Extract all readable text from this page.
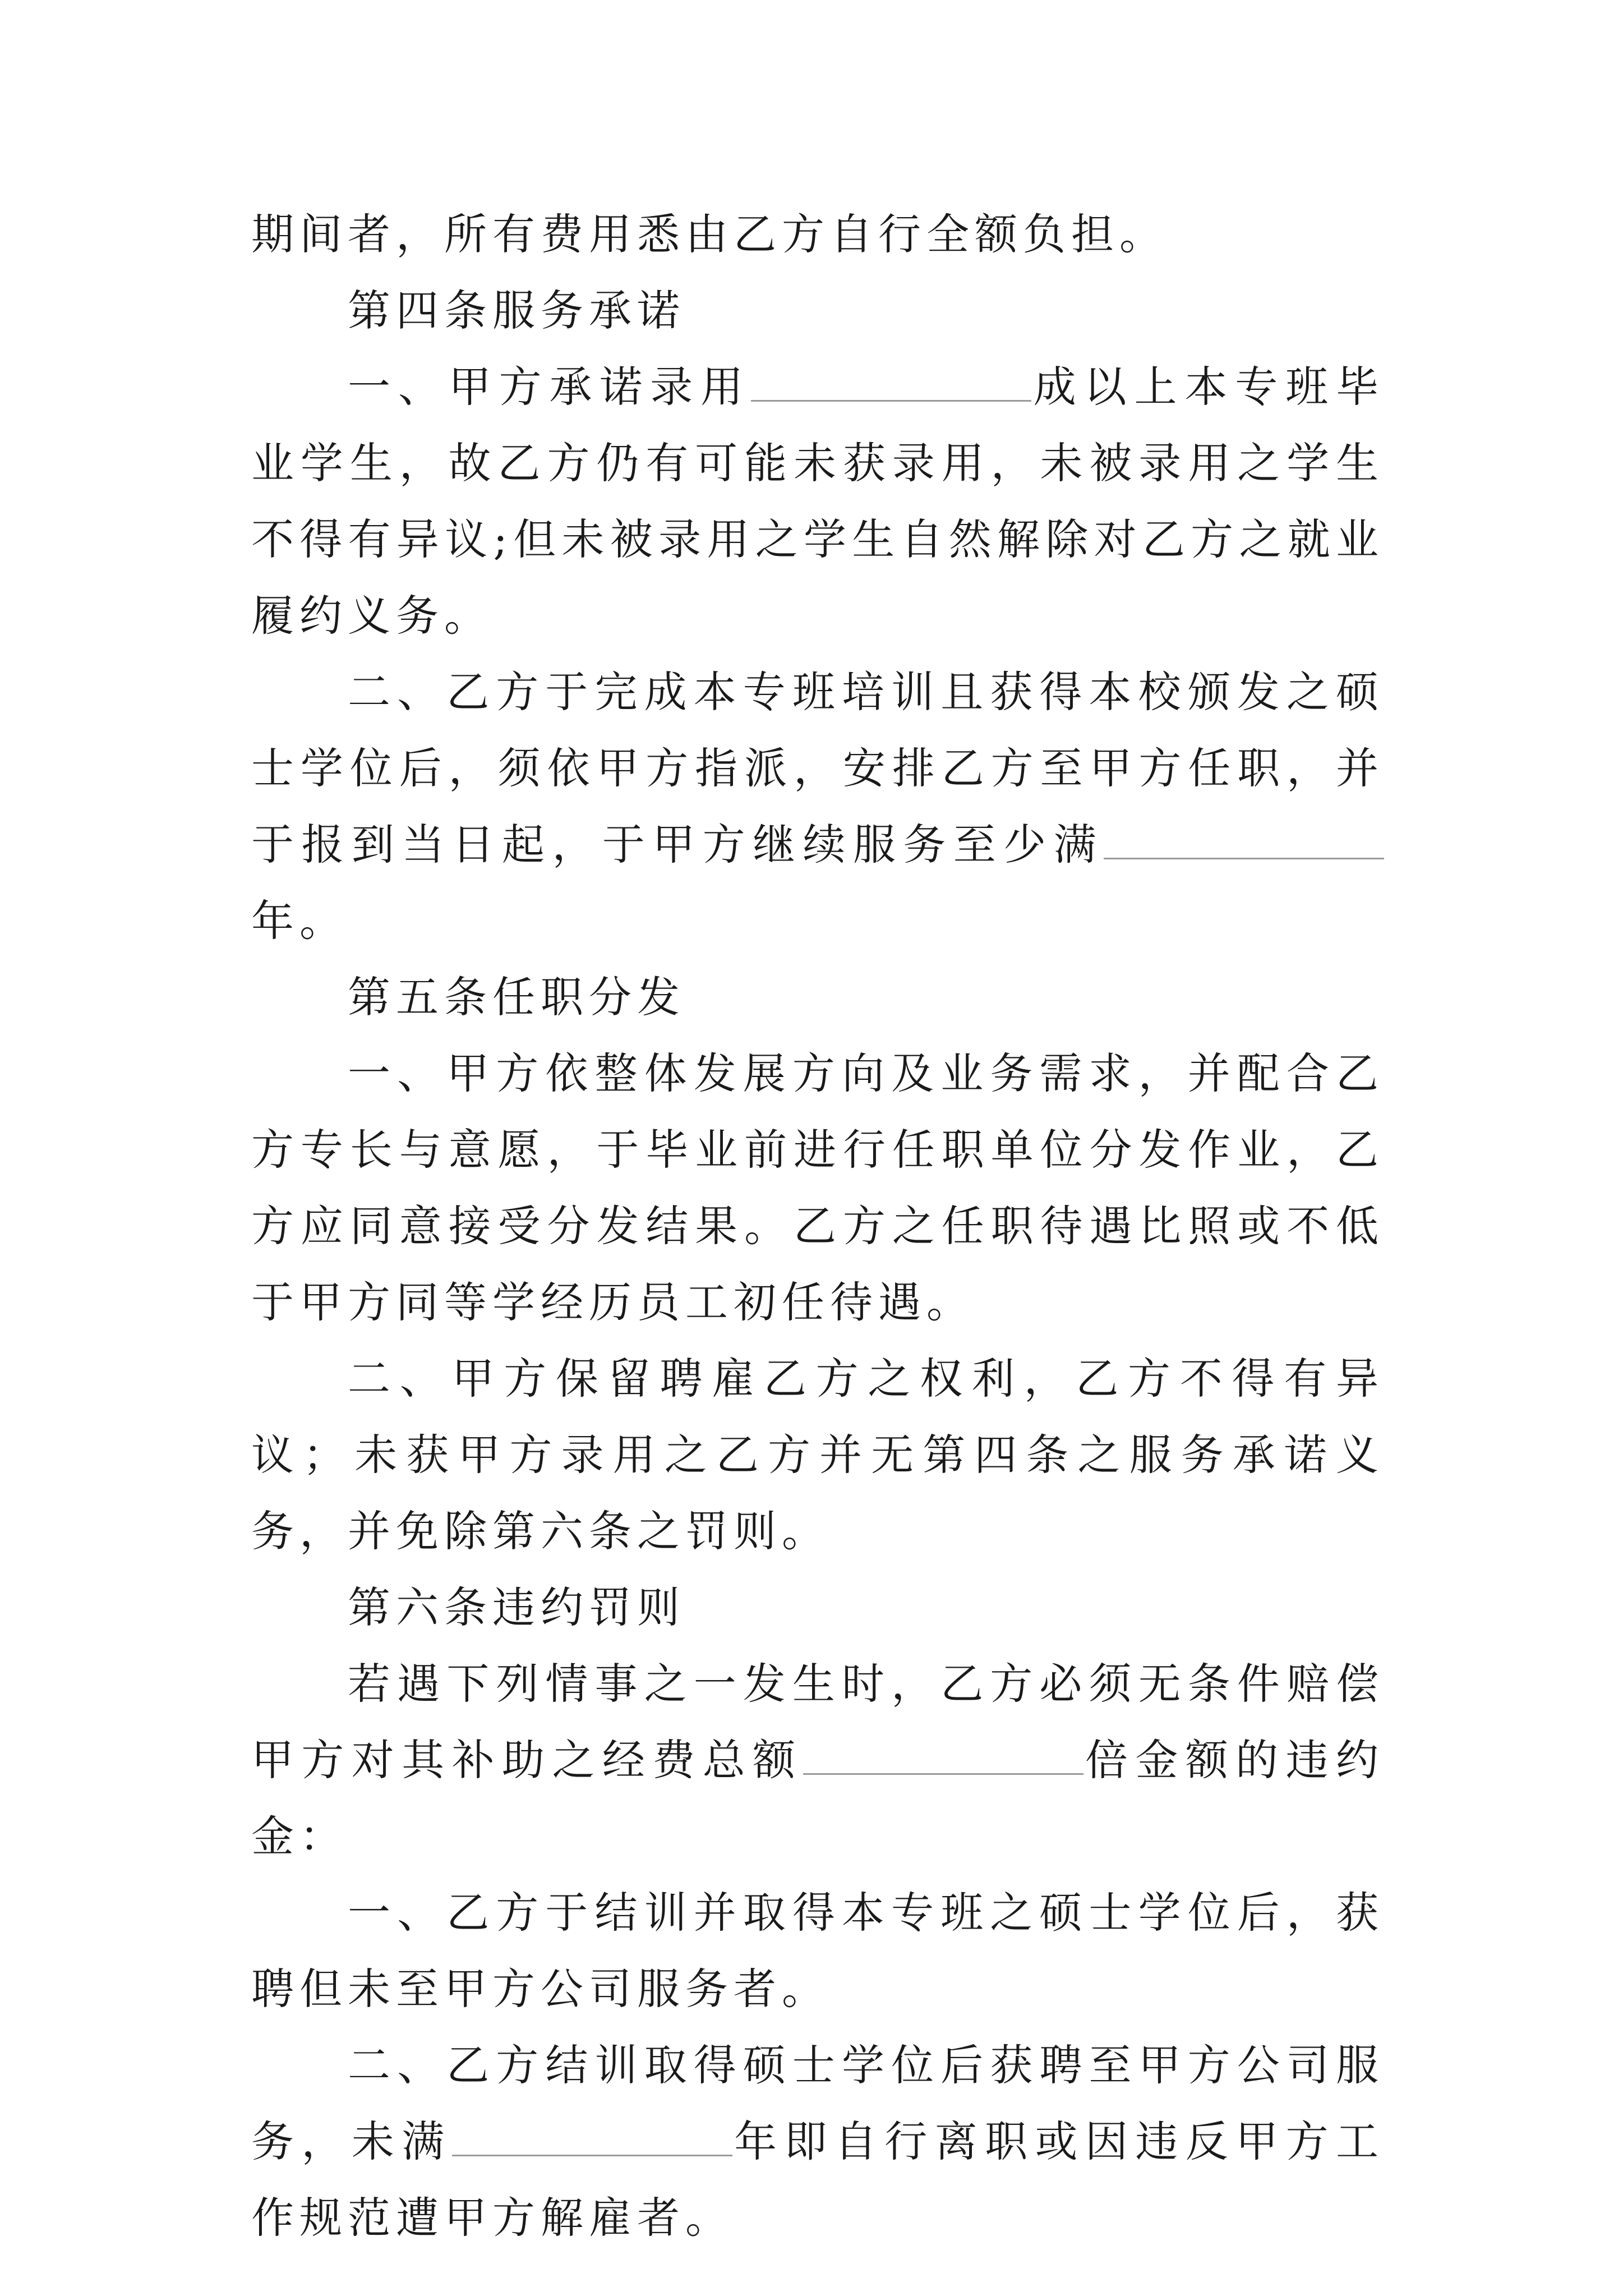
期间者，所有费用悉由乙方自行全额负担。

第四条服务承诺

一、甲方承诺录用	成以上本专班毕业学生，故乙方仍有可能未获录用，未被录用之学生不得有异议;但未被录用之学生自然解除对乙方之就业履约义务。

二、乙方于完成本专班培训且获得本校颁发之硕士学位后，须依甲方指派，安排乙方至甲方任职，并于报到当日起，于甲方继续服务至少满年。

第五条任职分发

一、甲方依整体发展方向及业务需求，并配合乙方专长与意愿，于毕业前进行任职单位分发作业，乙方应同意接受分发结果。乙方之任职待遇比照或不低于甲方同等学经历员工初任待遇。

二、甲方保留聘雇乙方之权利，乙方不得有异议；未获甲方录用之乙方并无第四条之服务承诺义务，并免除第六条之罚则。

第六条违约罚则

若遇下列情事之一发生时，乙方必须无条件赔偿甲方对其补助之经费总额	倍金额的违约金：

一、乙方于结训并取得本专班之硕士学位后，获聘但未至甲方公司服务者。

二、乙方结训取得硕士学位后获聘至甲方公司服务，未满	年即自行离职或因违反甲方工作规范遭甲方解雇者。
